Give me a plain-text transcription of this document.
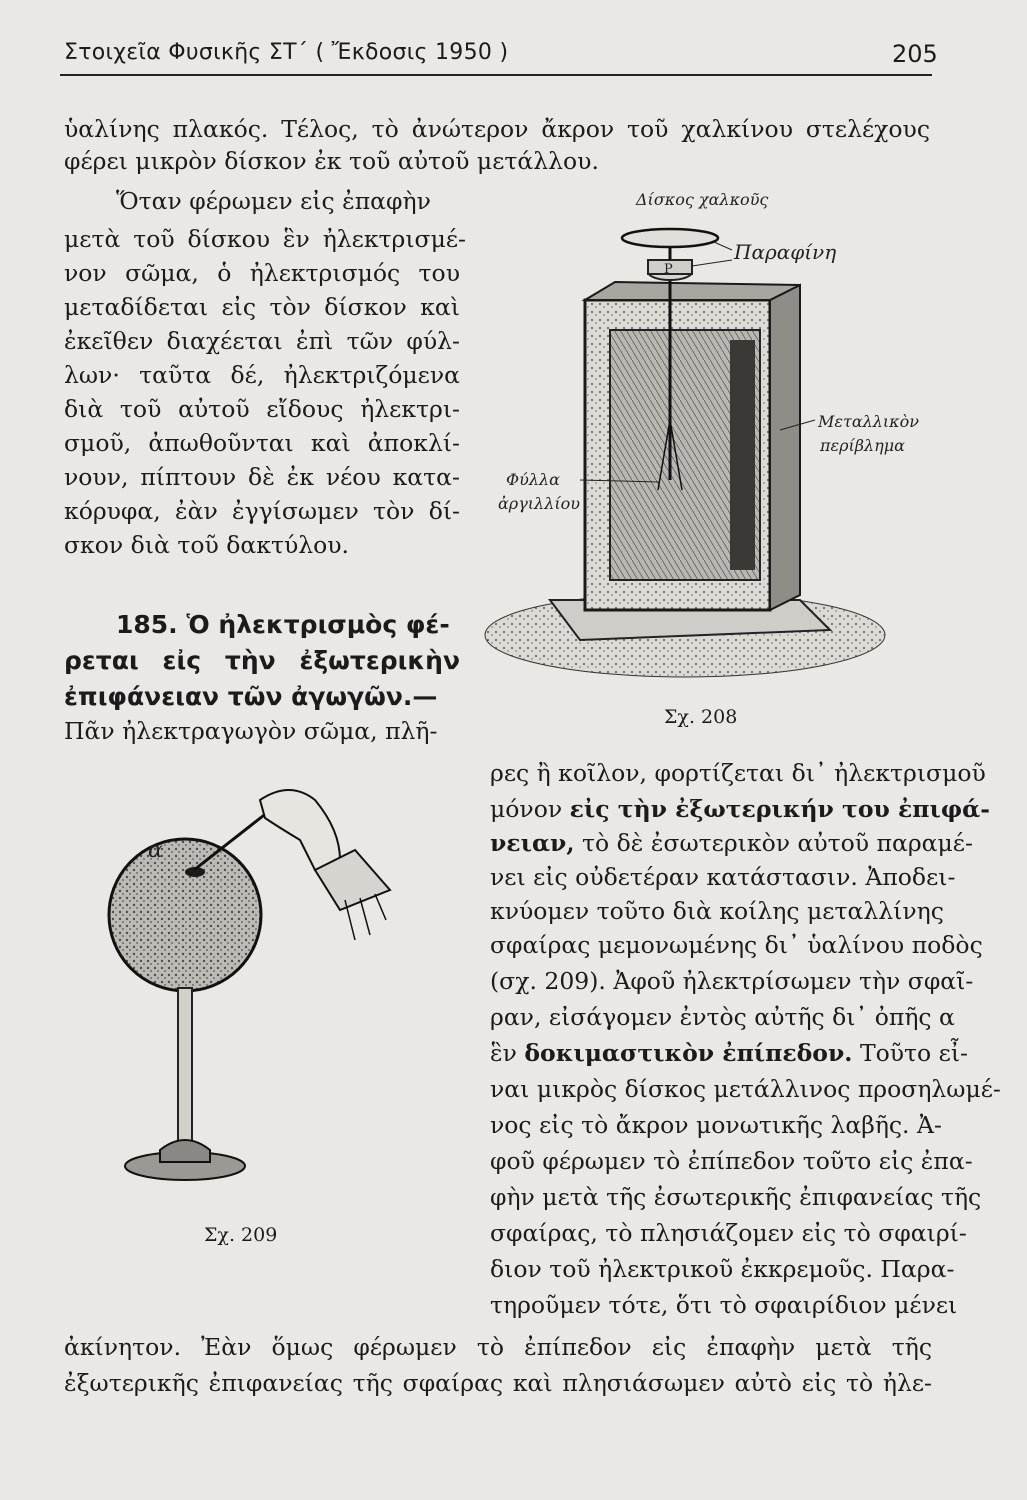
Στοιχεῖα Φυσικῆς ΣΤ΄ ( Ἔκδοσις 1950 )	205
ὑαλίνης πλακός. Τέλος, τὸ ἀνώτερον ἄκρον τοῦ χαλκίνου στελέχους
φέρει μικρὸν δίσκον ἐκ τοῦ αὐτοῦ μετάλλου.
Ὅταν φέρωμεν εἰς ἐπαφὴν
μετὰ τοῦ δίσκου ἓν ἠλεκτρισμέ-
νον σῶμα, ὁ ἠλεκτρισμός του
μεταδίδεται εἰς τὸν δίσκον καὶ
ἐκεῖθεν διαχέεται ἐπὶ τῶν φύλ-
λων· ταῦτα δέ, ἠλεκτριζόμενα
διὰ τοῦ αὐτοῦ εἴδους ἠλεκτρι-
σμοῦ, ἀπωθοῦνται καὶ ἀποκλί-
νουν, πίπτουν δὲ ἐκ νέου κατα-
κόρυφα, ἐὰν ἐγγίσωμεν τὸν δί-
σκον διὰ τοῦ δακτύλου.
185. Ὁ ἠλεκτρισμὸς φέ-
ρεται εἰς τὴν ἐξωτερικὴν
ἐπιφάνειαν τῶν ἀγωγῶν.—
Πᾶν ἠλεκτραγωγὸν σῶμα, πλῆ-
Δίσκος χαλκοῦς
Παραφίνη
P
Μεταλλικὸν
περίβλημα
Φύλλα
ἀργιλλίου
Σχ. 208
α
Σχ. 209
ρες ἢ κοῖλον, φορτίζεται δι᾽ ἠλεκτρισμοῦ
μόνον εἰς τὴν ἐξωτερικήν του ἐπιφά-
νειαν, τὸ δὲ ἐσωτερικὸν αὐτοῦ παραμέ-
νει εἰς οὐδετέραν κατάστασιν. Ἀποδει-
κνύομεν τοῦτο διὰ κοίλης μεταλλίνης
σφαίρας μεμονωμένης δι᾽ ὑαλίνου ποδὸς
(σχ. 209). Ἀφοῦ ἠλεκτρίσωμεν τὴν σφαῖ-
ραν, εἰσάγομεν ἐντὸς αὐτῆς δι᾽ ὀπῆς α
ἓν δοκιμαστικὸν ἐπίπεδον. Τοῦτο εἶ-
ναι μικρὸς δίσκος μετάλλινος προσηλωμέ-
νος εἰς τὸ ἄκρον μονωτικῆς λαβῆς. Ἀ-
φοῦ φέρωμεν τὸ ἐπίπεδον τοῦτο εἰς ἐπα-
φὴν μετὰ τῆς ἐσωτερικῆς ἐπιφανείας τῆς
σφαίρας, τὸ πλησιάζομεν εἰς τὸ σφαιρί-
διον τοῦ ἠλεκτρικοῦ ἐκκρεμοῦς. Παρα-
τηροῦμεν τότε, ὅτι τὸ σφαιρίδιον μένει
ἀκίνητον. Ἐὰν ὅμως φέρωμεν τὸ ἐπίπεδον εἰς ἐπαφὴν μετὰ τῆς
ἐξωτερικῆς ἐπιφανείας τῆς σφαίρας καὶ πλησιάσωμεν αὐτὸ εἰς τὸ ἠλε-
